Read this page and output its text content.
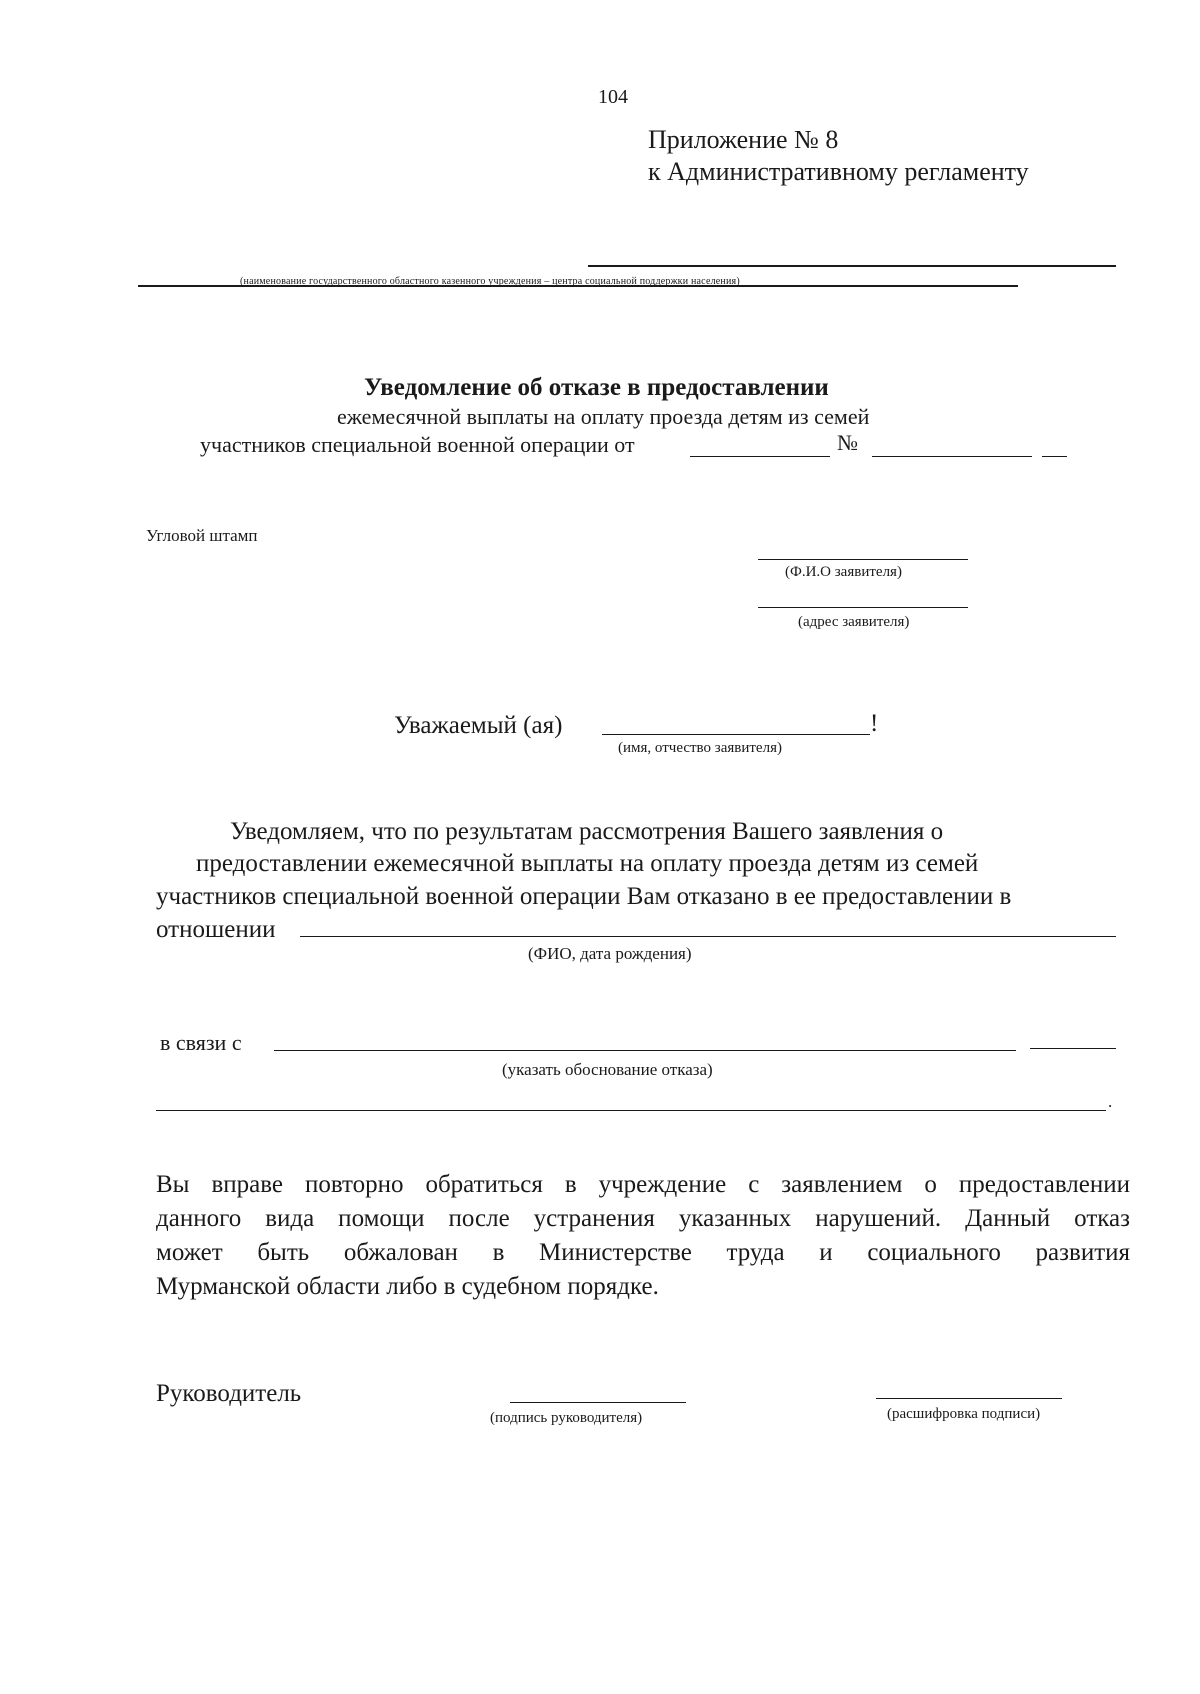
104
Приложение № 8
к Административному регламенту
(наименование государственного областного казенного учреждения – центра социальной поддержки населения)
Уведомление об отказе в предоставлении
ежемесячной выплаты на оплату проезда детям из семей
участников специальной военной операции от	№
Угловой штамп
(Ф.И.О заявителя)
(адрес заявителя)
Уважаемый (ая)	!
(имя, отчество заявителя)
Уведомляем, что по результатам рассмотрения Вашего заявления о
предоставлении ежемесячной выплаты на оплату проезда детям из семей
участников специальной военной операции Вам отказано в ее предоставлении в
отношении
(ФИО, дата рождения)
в связи с
(указать обоснование отказа)
.
Вы вправе повторно обратиться в учреждение с заявлением о предоставлении
данного вида помощи после устранения указанных нарушений. Данный отказ
может быть обжалован в Министерстве труда и социального развития
Мурманской области либо в судебном порядке.
Руководитель
(подпись руководителя)	(расшифровка подписи)
